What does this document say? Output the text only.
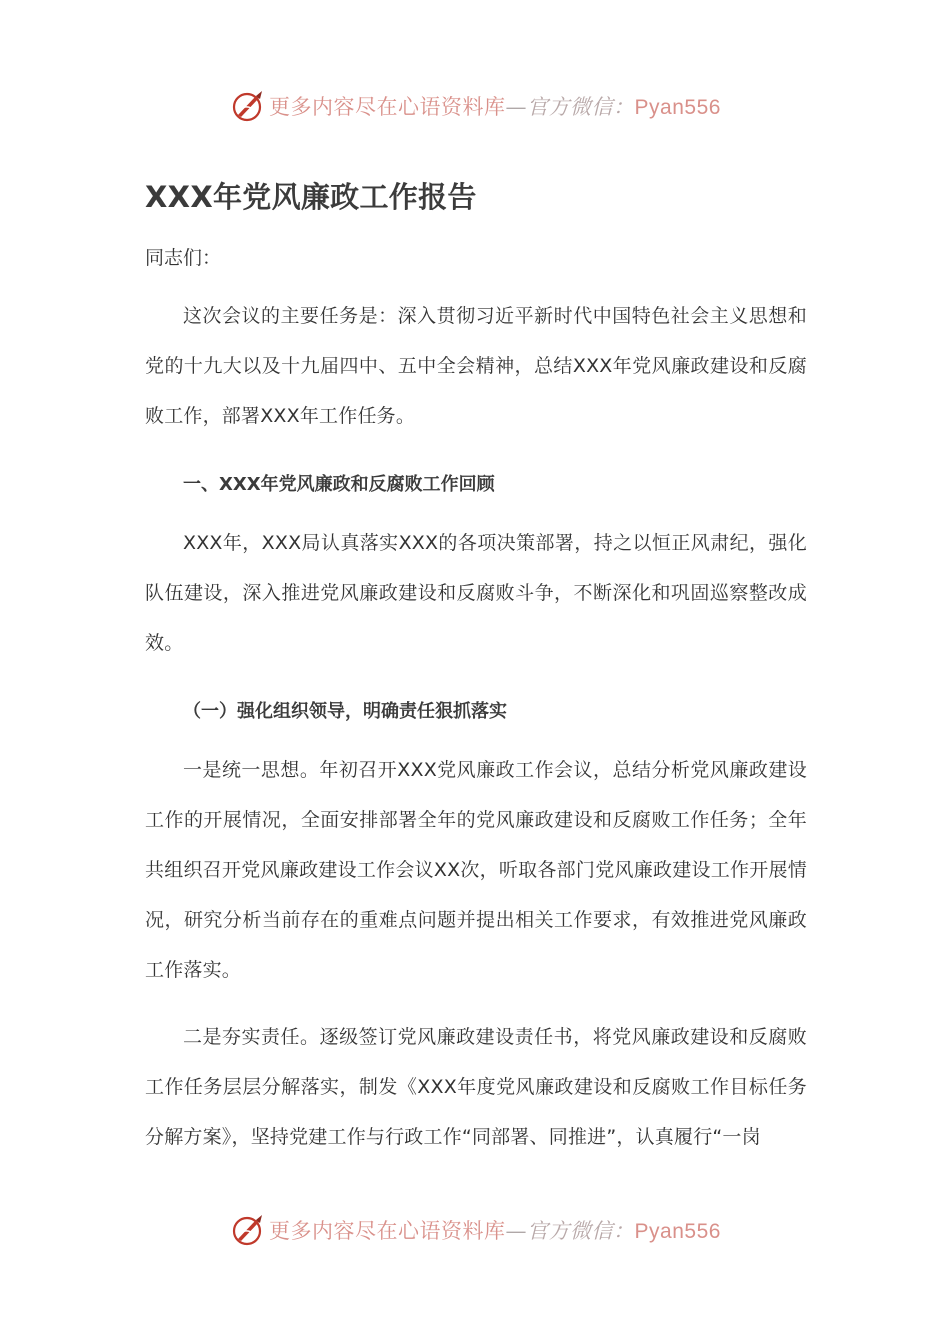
更多内容尽在心语资料库—官方微信：Pyan556
XXX年党风廉政工作报告

同志们：

这次会议的主要任务是：深入贯彻习近平新时代中国特色社会主义思想和党的十九大以及十九届四中、五中全会精神，总结XXX年党风廉政建设和反腐败工作，部署XXX年工作任务。

一、XXX年党风廉政和反腐败工作回顾

XXX年，XXX局认真落实XXX的各项决策部署，持之以恒正风肃纪，强化队伍建设，深入推进党风廉政建设和反腐败斗争，不断深化和巩固巡察整改成效。

（一）强化组织领导，明确责任狠抓落实

一是统一思想。年初召开XXX党风廉政工作会议，总结分析党风廉政建设工作的开展情况，全面安排部署全年的党风廉政建设和反腐败工作任务；全年共组织召开党风廉政建设工作会议XX次，听取各部门党风廉政建设工作开展情况，研究分析当前存在的重难点问题并提出相关工作要求，有效推进党风廉政工作落实。

二是夯实责任。逐级签订党风廉政建设责任书，将党风廉政建设和反腐败工作任务层层分解落实，制发《XXX年度党风廉政建设和反腐败工作目标任务分解方案》，坚持党建工作与行政工作“同部署、同推进”，认真履行“一岗

更多内容尽在心语资料库—官方微信：Pyan556
